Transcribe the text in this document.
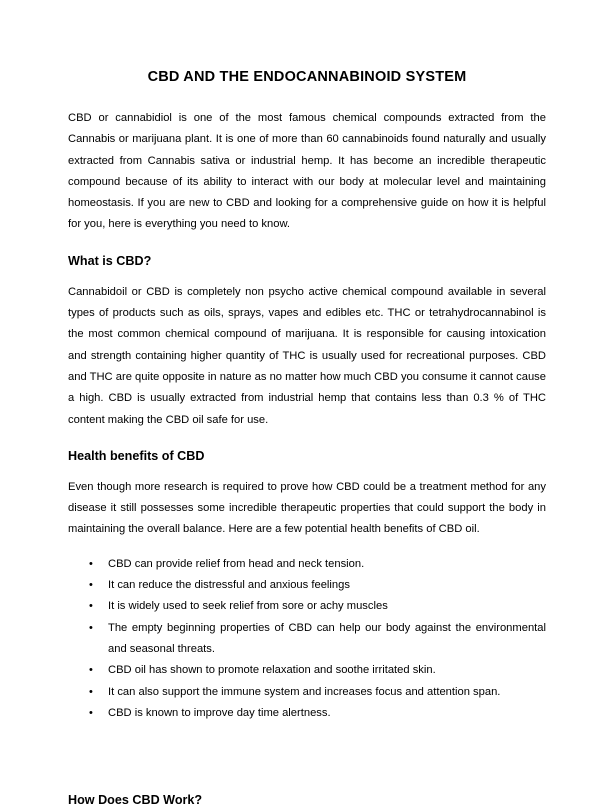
CBD AND THE ENDOCANNABINOID SYSTEM

CBD or cannabidiol is one of the most famous chemical compounds extracted from the Cannabis or marijuana plant. It is one of more than 60 cannabinoids found naturally and usually extracted from Cannabis sativa or industrial hemp. It has become an incredible therapeutic compound because of its ability to interact with our body at molecular level and maintaining homeostasis. If you are new to CBD and looking for a comprehensive guide on how it is helpful for you, here is everything you need to know.

What is CBD?

Cannabidoil or CBD is completely non psycho active chemical compound available in several types of products such as oils, sprays, vapes and edibles etc. THC or tetrahydrocannabinol is the most common chemical compound of marijuana. It is responsible for causing intoxication and strength containing higher quantity of THC is usually used for recreational purposes. CBD and THC are quite opposite in nature as no matter how much CBD you consume it cannot cause a high. CBD is usually extracted from industrial hemp that contains less than 0.3 % of THC content making the CBD oil safe for use.

Health benefits of CBD

Even though more research is required to prove how CBD could be a treatment method for any disease it still possesses some incredible therapeutic properties that could support the body in maintaining the overall balance. Here are a few potential health benefits of CBD oil.

• CBD can provide relief from head and neck tension.
• It can reduce the distressful and anxious feelings
• It is widely used to seek relief from sore or achy muscles
• The empty beginning properties of CBD can help our body against the environmental and seasonal threats.
• CBD oil has shown to promote relaxation and soothe irritated skin.
• It can also support the immune system and increases focus and attention span.
• CBD is known to improve day time alertness.
How Does CBD Work?
